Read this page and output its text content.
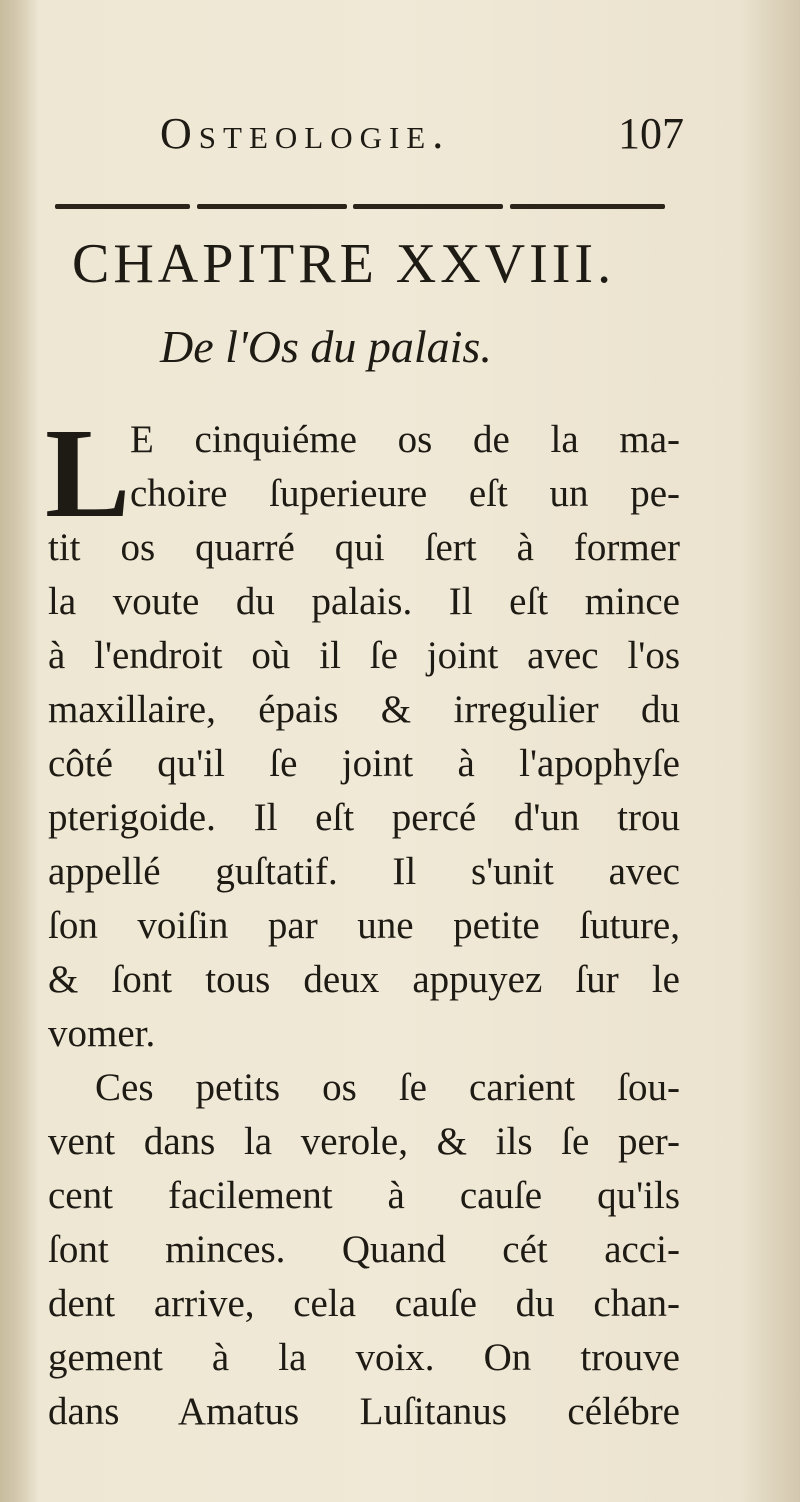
Osteologie.	107
CHAPITRE XXVIII.
De l'Os du palais.
L E cinquiéme os de la ma-
choire ſuperieure eſt un pe-
tit os quarré qui ſert à former
la voute du palais. Il eſt mince
à l'endroit où il ſe joint avec l'os
maxillaire, épais & irregulier du
côté qu'il ſe joint à l'apophyſe
pterigoide. Il eſt percé d'un trou
appellé guſtatif. Il s'unit avec
ſon voiſin par une petite ſuture,
& ſont tous deux appuyez ſur le
vomer.
Ces petits os ſe carient ſou-
vent dans la verole, & ils ſe per-
cent facilement à cauſe qu'ils
ſont minces. Quand cét acci-
dent arrive, cela cauſe du chan-
gement à la voix. On trouve
dans Amatus Luſitanus célébre
